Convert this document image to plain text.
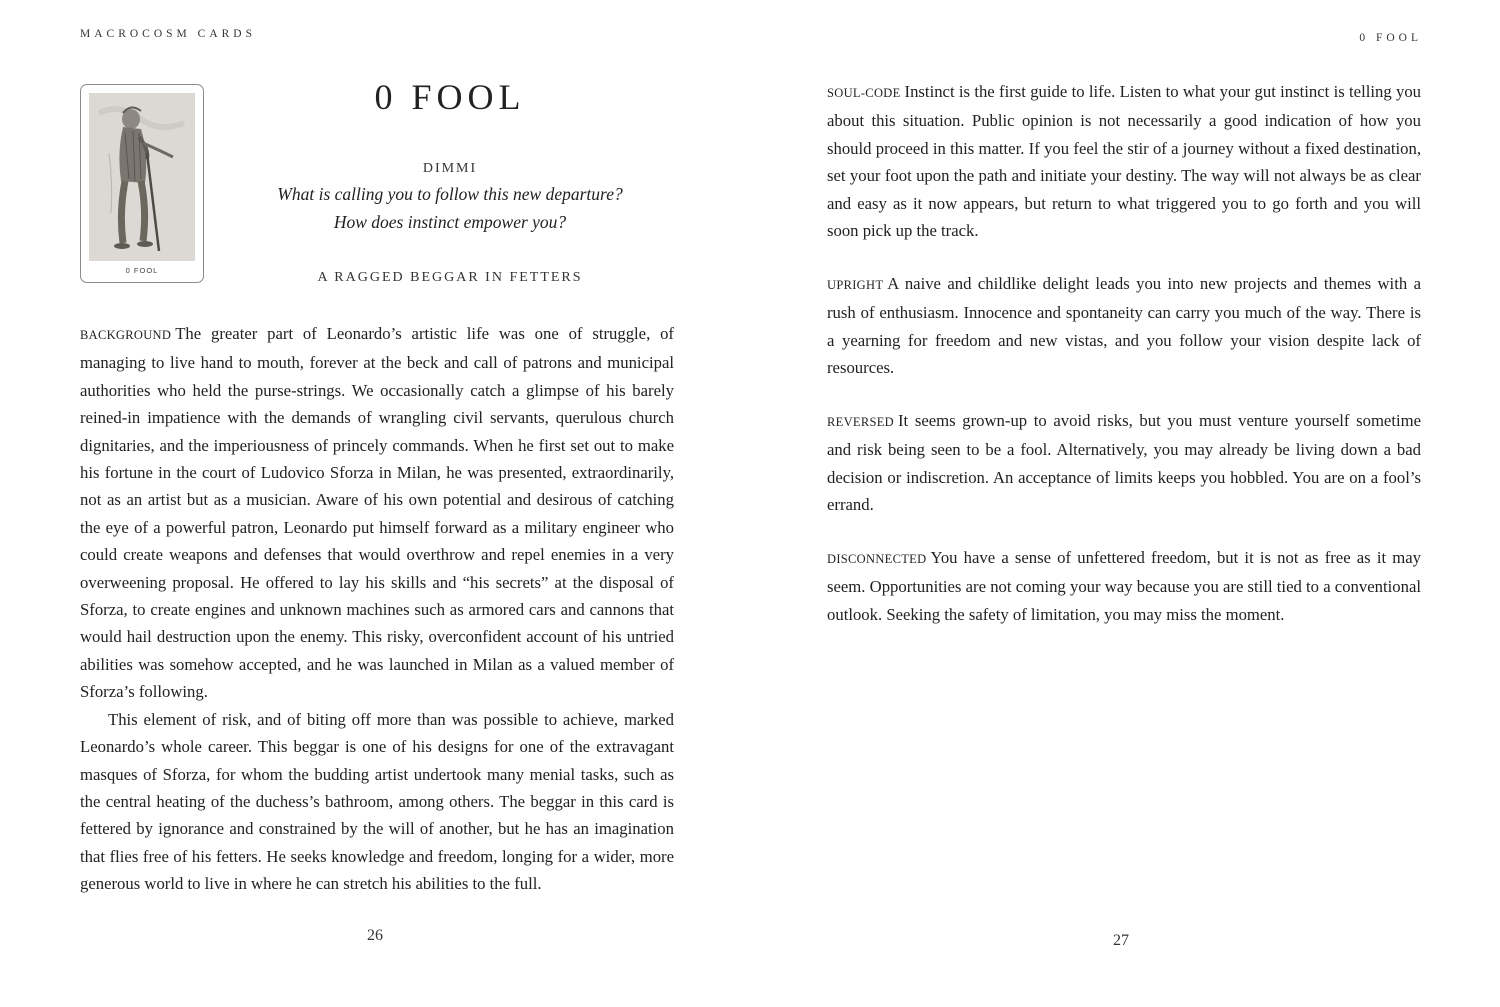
MACROCOSM CARDS
0 FOOL
0 FOOL
DIMMI
What is calling you to follow this new departure?
How does instinct empower you?
A RAGGED BEGGAR IN FETTERS

BACKGROUND The greater part of Leonardo’s artistic life was one of struggle, of managing to live hand to mouth, forever at the beck and call of patrons and municipal authorities who held the purse-strings. We occasionally catch a glimpse of his barely reined-in impatience with the demands of wrangling civil servants, querulous church dignitaries, and the imperiousness of princely commands. When he first set out to make his fortune in the court of Ludovico Sforza in Milan, he was presented, extraordinarily, not as an artist but as a musician. Aware of his own potential and desirous of catching the eye of a powerful patron, Leonardo put himself forward as a military engineer who could create weapons and defenses that would overthrow and repel enemies in a very overweening proposal. He offered to lay his skills and “his secrets” at the disposal of Sforza, to create engines and unknown machines such as armored cars and cannons that would hail destruction upon the enemy. This risky, overconfident account of his untried abilities was somehow accepted, and he was launched in Milan as a valued member of Sforza’s following.

This element of risk, and of biting off more than was possible to achieve, marked Leonardo’s whole career. This beggar is one of his designs for one of the extravagant masques of Sforza, for whom the budding artist undertook many menial tasks, such as the central heating of the duchess’s bathroom, among others. The beggar in this card is fettered by ignorance and constrained by the will of another, but he has an imagination that flies free of his fetters. He seeks knowledge and freedom, longing for a wider, more generous world to live in where he can stretch his abilities to the full.

26
0 FOOL

SOUL-CODE Instinct is the first guide to life. Listen to what your gut instinct is telling you about this situation. Public opinion is not necessarily a good indication of how you should proceed in this matter. If you feel the stir of a journey without a fixed destination, set your foot upon the path and initiate your destiny. The way will not always be as clear and easy as it now appears, but return to what triggered you to go forth and you will soon pick up the track.

UPRIGHT A naive and childlike delight leads you into new projects and themes with a rush of enthusiasm. Innocence and spontaneity can carry you much of the way. There is a yearning for freedom and new vistas, and you follow your vision despite lack of resources.

REVERSED It seems grown-up to avoid risks, but you must venture yourself sometime and risk being seen to be a fool. Alternatively, you may already be living down a bad decision or indiscretion. An acceptance of limits keeps you hobbled. You are on a fool’s errand.

DISCONNECTED You have a sense of unfettered freedom, but it is not as free as it may seem. Opportunities are not coming your way because you are still tied to a conventional outlook. Seeking the safety of limitation, you may miss the moment.

27
